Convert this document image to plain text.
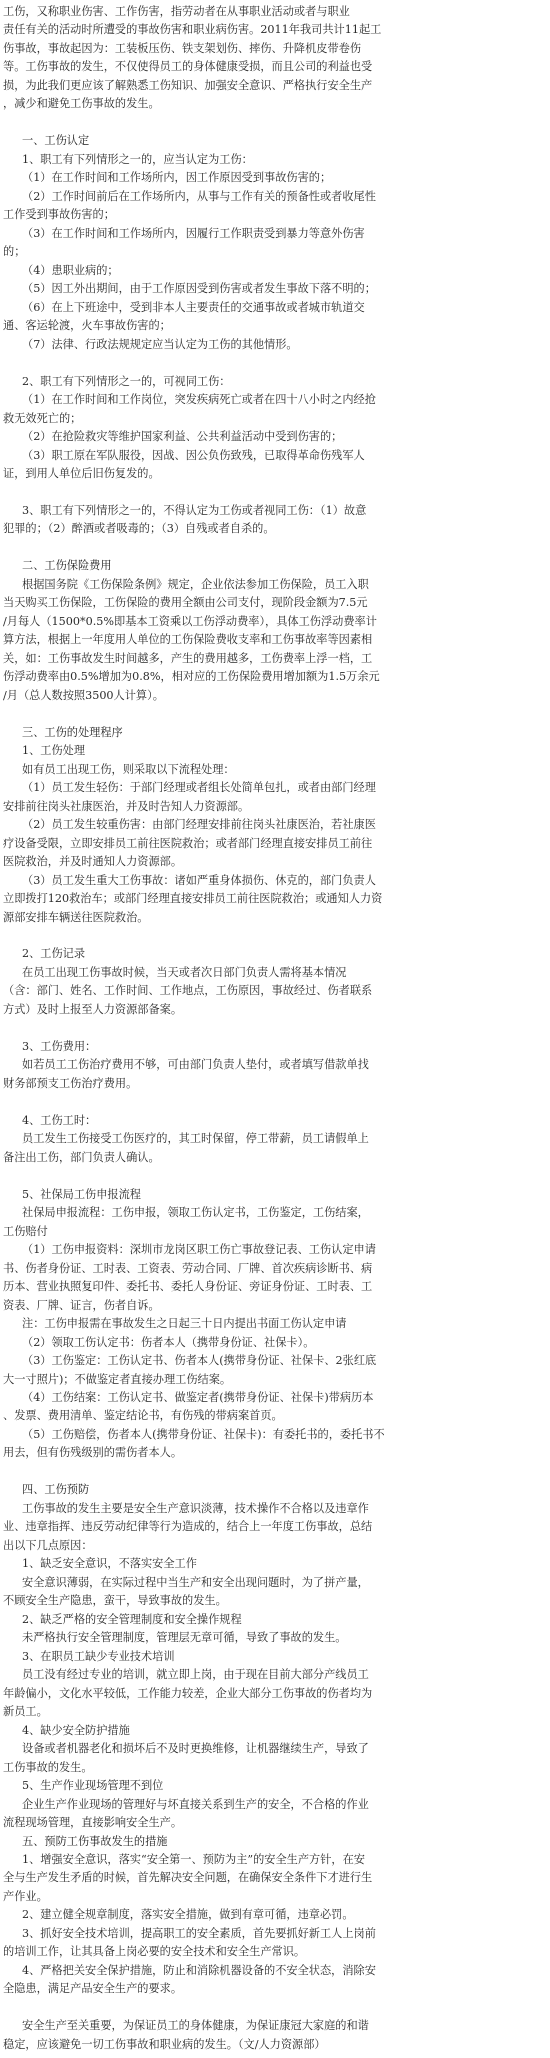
工伤，又称职业伤害、工作伤害，指劳动者在从事职业活动或者与职业
责任有关的活动时所遭受的事故伤害和职业病伤害。2011年我司共计11起工
伤事故，事故起因为：工装板压伤、铁支架划伤、摔伤、升降机皮带卷伤
等。工伤事故的发生，不仅使得员工的身体健康受损，而且公司的利益也受
损，为此我们更应该了解熟悉工伤知识、加强安全意识、严格执行安全生产
，减少和避免工伤事故的发生。
一、工伤认定
1、职工有下列情形之一的，应当认定为工伤：
（1）在工作时间和工作场所内，因工作原因受到事故伤害的；
（2）工作时间前后在工作场所内，从事与工作有关的预备性或者收尾性
工作受到事故伤害的；
（3）在工作时间和工作场所内，因履行工作职责受到暴力等意外伤害
的；
（4）患职业病的；
（5）因工外出期间，由于工作原因受到伤害或者发生事故下落不明的；
（6）在上下班途中，受到非本人主要责任的交通事故或者城市轨道交
通、客运轮渡，火车事故伤害的；
（7）法律、行政法规规定应当认定为工伤的其他情形。
2、职工有下列情形之一的，可视同工伤：
（1）在工作时间和工作岗位，突发疾病死亡或者在四十八小时之内经抢
救无效死亡的；
（2）在抢险救灾等维护国家利益、公共利益活动中受到伤害的；
（3）职工原在军队服役，因战、因公负伤致残，已取得革命伤残军人
证，到用人单位后旧伤复发的。
3、职工有下列情形之一的，不得认定为工伤或者视同工伤：（1）故意
犯罪的；（2）醉酒或者吸毒的；（3）自残或者自杀的。
二、工伤保险费用
根据国务院《工伤保险条例》规定，企业依法参加工伤保险，员工入职
当天购买工伤保险，工伤保险的费用全额由公司支付，现阶段金额为7.5元
/月每人（1500*0.5%即基本工资乘以工伤浮动费率），具体工伤浮动费率计
算方法，根据上一年度用人单位的工伤保险费收支率和工伤事故率等因素相
关，如：工伤事故发生时间越多，产生的费用越多，工伤费率上浮一档，工
伤浮动费率由0.5%增加为0.8%，相对应的工伤保险费用增加额为1.5万余元
/月（总人数按照3500人计算）。
三、工伤的处理程序
1、工伤处理
如有员工出现工伤，则采取以下流程处理：
（1）员工发生轻伤：于部门经理或者组长处简单包扎，或者由部门经理
安排前往岗头社康医治，并及时告知人力资源部。
（2）员工发生较重伤害：由部门经理安排前往岗头社康医治，若社康医
疗设备受限，立即安排员工前往医院救治；或者部门经理直接安排员工前往
医院救治，并及时通知人力资源部。
（3）员工发生重大工伤事故：诸如严重身体损伤、休克的，部门负责人
立即拨打120救治车；或部门经理直接安排员工前往医院救治；或通知人力资
源部安排车辆送往医院救治。
2、工伤记录
在员工出现工伤事故时候，当天或者次日部门负责人需将基本情况
（含：部门、姓名、工作时间、工作地点，工伤原因，事故经过、伤者联系
方式）及时上报至人力资源部备案。
3、工伤费用：
如若员工工伤治疗费用不够，可由部门负责人垫付，或者填写借款单找
财务部预支工伤治疗费用。
4、工伤工时：
员工发生工伤接受工伤医疗的，其工时保留，停工带薪，员工请假单上
备注出工伤，部门负责人确认。
5、社保局工伤申报流程
社保局申报流程：工伤申报，领取工伤认定书，工伤鉴定，工伤结案，
工伤赔付
（1）工伤申报资料：深圳市龙岗区职工伤亡事故登记表、工伤认定申请
书、伤者身份证、工时表、工资表、劳动合同、厂牌、首次疾病诊断书、病
历本、营业执照复印件、委托书、委托人身份证、旁证身份证、工时表、工
资表、厂牌、证言，伤者自诉。
注：工伤申报需在事故发生之日起三十日内提出书面工伤认定申请
（2）领取工伤认定书：伤者本人（携带身份证、社保卡）。
（3）工伤鉴定：工伤认定书、伤者本人(携带身份证、社保卡、2张红底
大一寸照片)；不做鉴定者直接办理工伤结案。
（4）工伤结案：工伤认定书、做鉴定者(携带身份证、社保卡)带病历本
、发票、费用清单、鉴定结论书，有伤残的带病案首页。
（5）工伤赔偿，伤者本人(携带身份证、社保卡)：有委托书的，委托书不
用去，但有伤残级别的需伤者本人。
四、工伤预防
工伤事故的发生主要是安全生产意识淡薄，技术操作不合格以及违章作
业、违章指挥、违反劳动纪律等行为造成的，结合上一年度工伤事故，总结
出以下几点原因：
1、缺乏安全意识，不落实安全工作
安全意识薄弱，在实际过程中当生产和安全出现问题时，为了拼产量，
不顾安全生产隐患，蛮干，导致事故的发生。
2、缺乏严格的安全管理制度和安全操作规程
未严格执行安全管理制度，管理层无章可循，导致了事故的发生。
3、在职员工缺少专业技术培训
员工没有经过专业的培训，就立即上岗，由于现在目前大部分产线员工
年龄偏小，文化水平较低，工作能力较差，企业大部分工伤事故的伤者均为
新员工。
4、缺少安全防护措施
设备或者机器老化和损坏后不及时更换维修，让机器继续生产，导致了
工伤事故的发生。
5、生产作业现场管理不到位
企业生产作业现场的管理好与坏直接关系到生产的安全，不合格的作业
流程现场管理，直接影响安全生产。
五、预防工伤事故发生的措施
1、增强安全意识，落实“安全第一、预防为主”的安全生产方针，在安
全与生产发生矛盾的时候，首先解决安全问题，在确保安全条件下才进行生
产作业。
2、建立健全规章制度，落实安全措施，做到有章可循，违章必罚。
3、抓好安全技术培训，提高职工的安全素质，首先要抓好新工人上岗前
的培训工作，让其具备上岗必要的安全技术和安全生产常识。
4、严格把关安全保护措施，防止和消除机器设备的不安全状态，消除安
全隐患，满足产品安全生产的要求。
安全生产至关重要，为保证员工的身体健康，为保证康冠大家庭的和谐
稳定，应该避免一切工伤事故和职业病的发生。（文/人力资源部）
